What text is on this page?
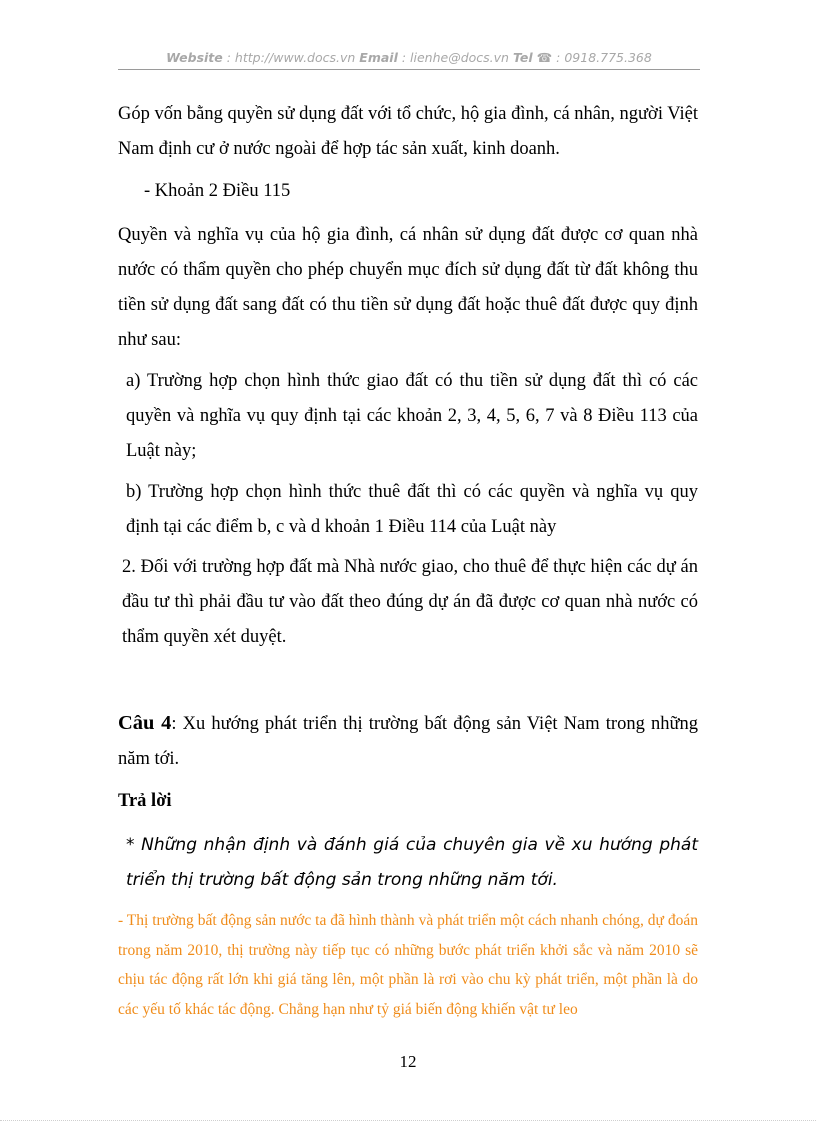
Website : http://www.docs.vn Email : lienhe@docs.vn Tel ☎ : 0918.775.368
Góp vốn bằng quyền sử dụng đất với tổ chức, hộ gia đình, cá nhân, người Việt Nam định cư ở nước ngoài để hợp tác sản xuất, kinh doanh.
- Khoản 2 Điều 115
Quyền và nghĩa vụ của hộ gia đình, cá nhân sử dụng đất được cơ quan nhà nước có thẩm quyền cho phép chuyển mục đích sử dụng đất từ đất không thu tiền sử dụng đất sang đất có thu tiền sử dụng đất hoặc thuê đất được quy định như sau:
a) Trường hợp chọn hình thức giao đất có thu tiền sử dụng đất thì có các quyền và nghĩa vụ quy định tại các khoản 2, 3, 4, 5, 6, 7 và 8 Điều 113 của Luật này;
b) Trường hợp chọn hình thức thuê đất thì có các quyền và nghĩa vụ quy định tại các điểm b, c và d khoản 1 Điều 114 của Luật này
2. Đối với trường hợp đất mà Nhà nước giao, cho thuê để thực hiện các dự án đầu tư thì phải đầu tư vào đất theo đúng dự án đã được cơ quan nhà nước có thẩm quyền xét duyệt.
Câu 4: Xu hướng phát triển thị trường bất động sản Việt Nam trong những năm tới.
Trả lời
* Những nhận định và đánh giá của chuyên gia về xu hướng phát triển thị trường bất động sản trong những năm tới.
- Thị trường bất động sản nước ta đã hình thành và phát triển một cách nhanh chóng, dự đoán trong năm 2010, thị trường này tiếp tục có những bước phát triển khởi sắc và năm 2010 sẽ chịu tác động rất lớn khi giá tăng lên, một phần là rơi vào chu kỳ phát triển, một phần là do các yếu tố khác tác động. Chẳng hạn như tỷ giá biến động khiến vật tư leo
12
